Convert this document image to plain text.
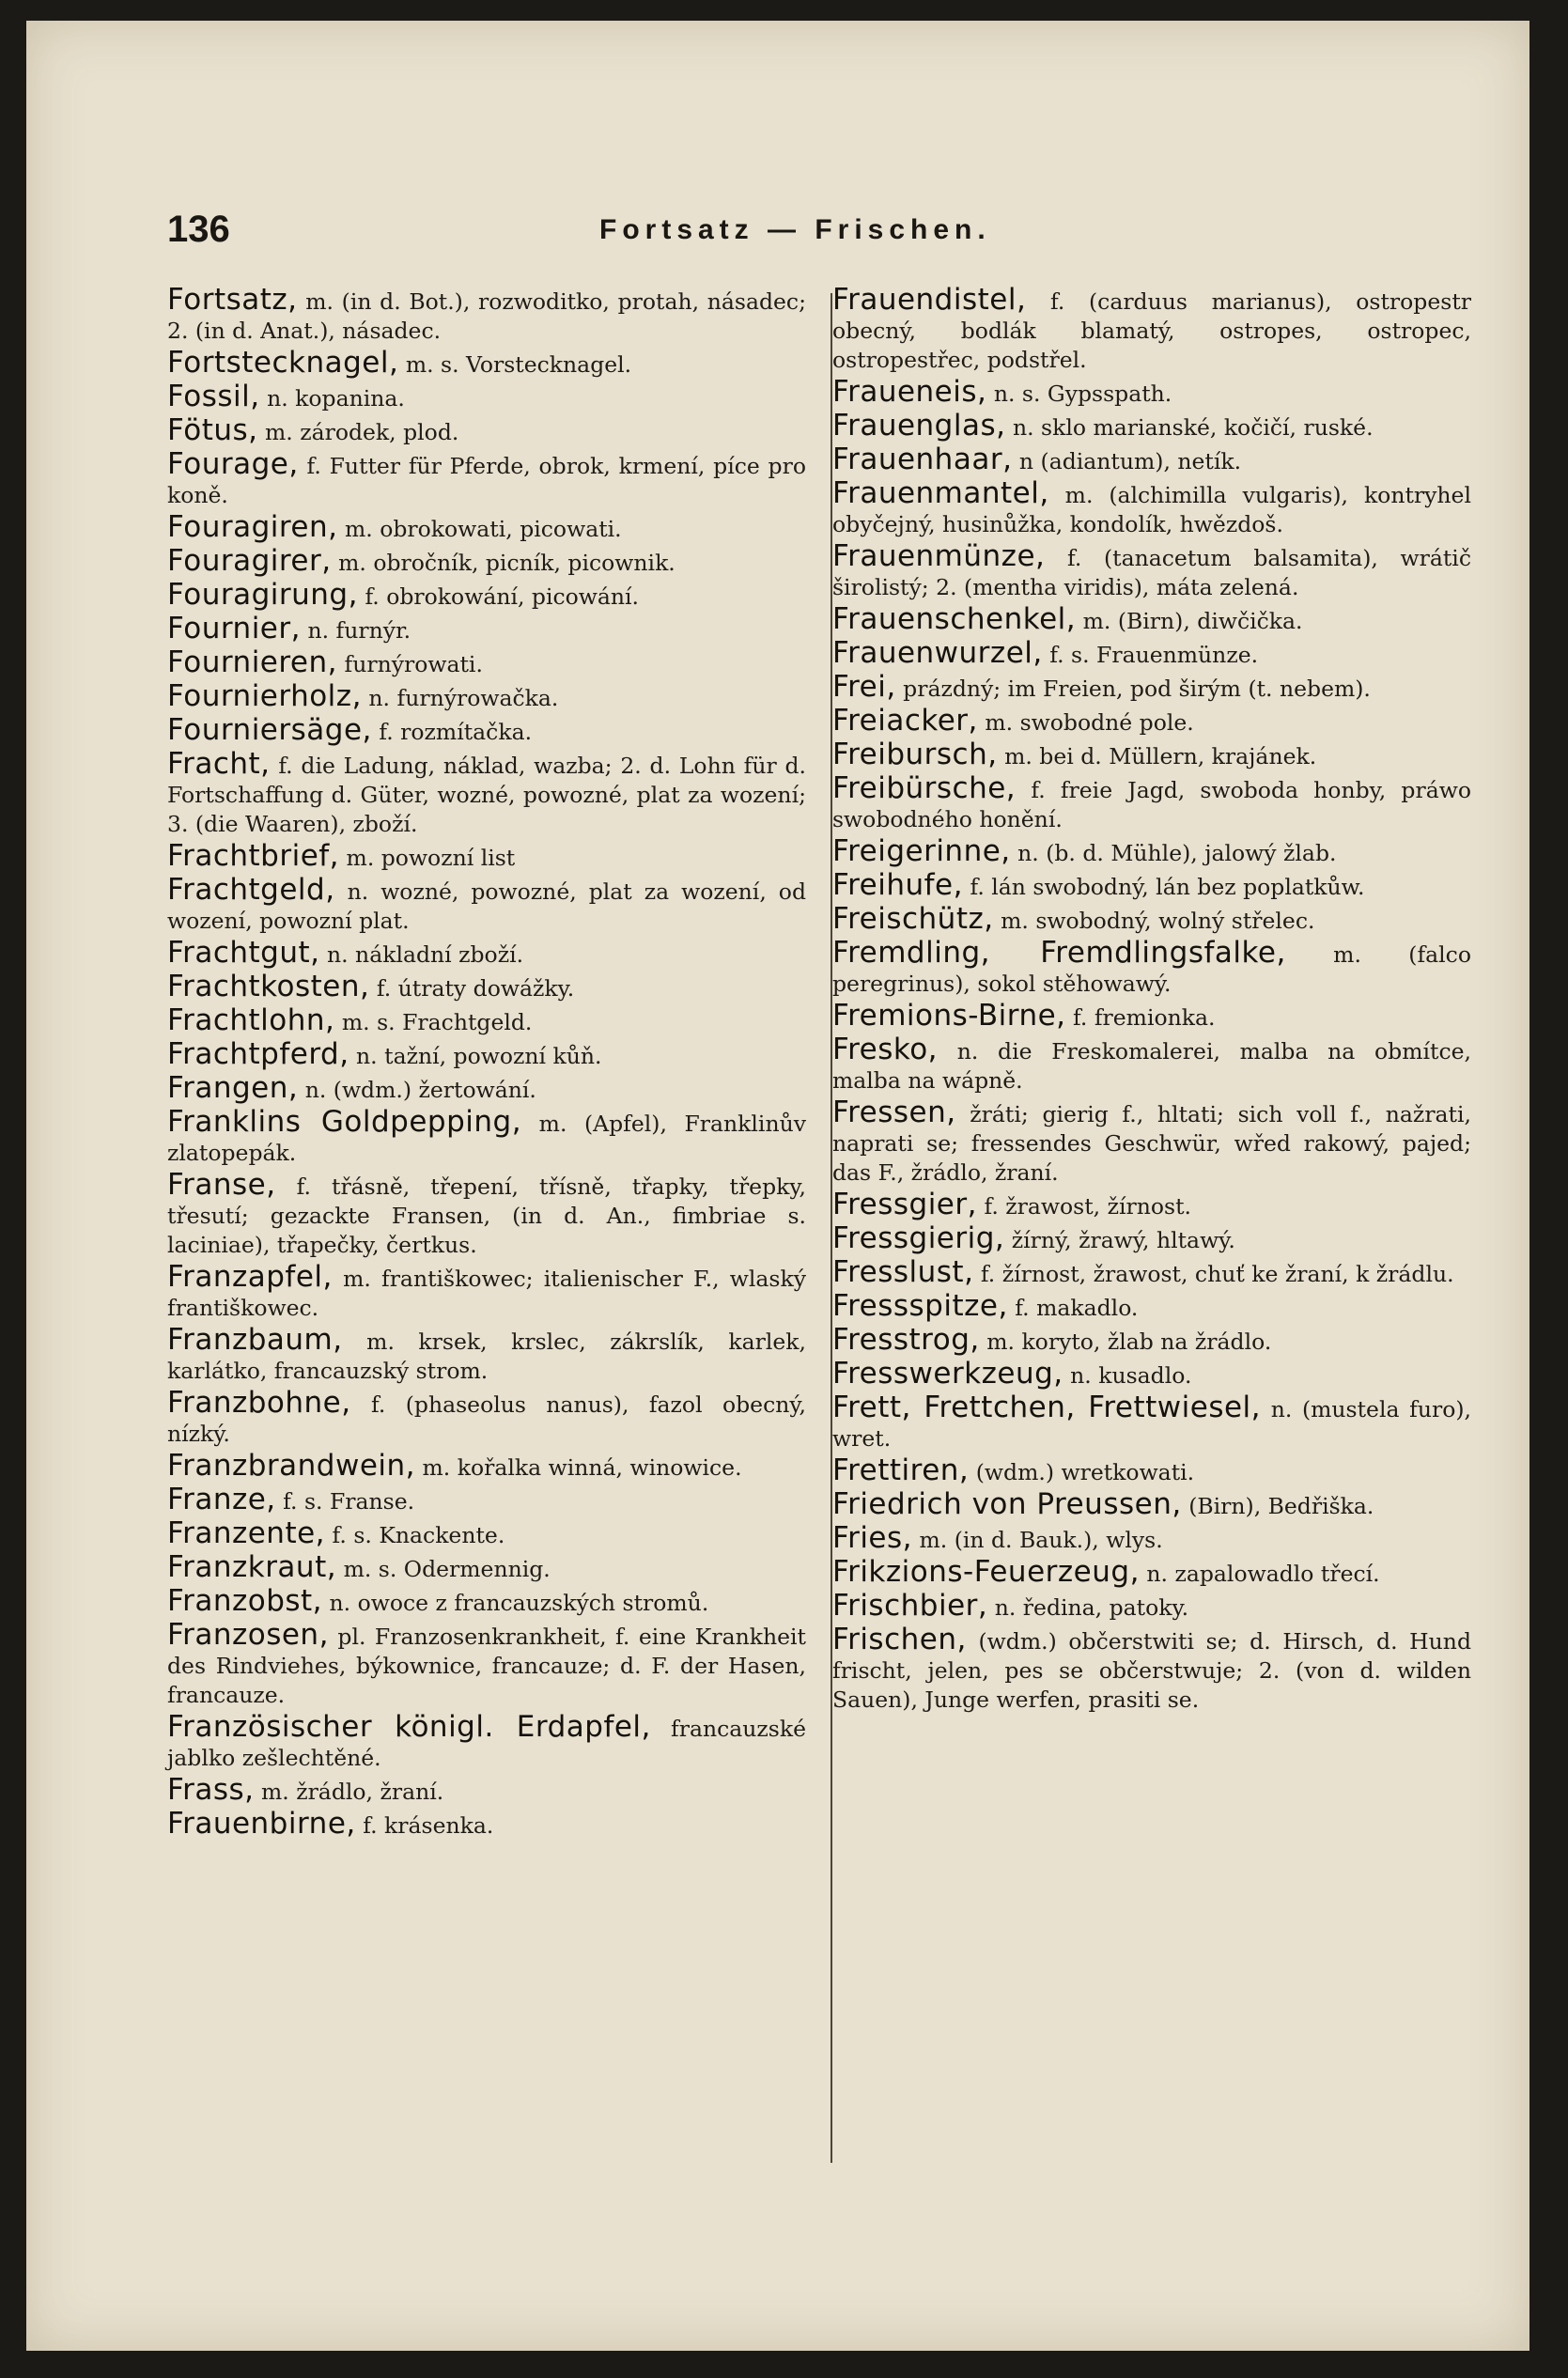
136	Fortsatz — Frischen.
Fortsatz, m. (in d. Bot.), rozwoditko, protah, násadec; 2. (in d. Anat.), násadec.
Fortstecknagel, m. s. Vorstecknagel.
Fossil, n. kopanina.
Fötus, m. zárodek, plod.
Fourage, f. Futter für Pferde, obrok, krmení, píce pro koně.
Fouragiren, m. obrokowati, picowati.
Fouragirer, m. obročník, picník, picownik.
Fouragirung, f. obrokowání, picowání.
Fournier, n. furnýr.
Fournieren, furnýrowati.
Fournierholz, n. furnýrowačka.
Fourniersäge, f. rozmítačka.
Fracht, f. die Ladung, náklad, wazba; 2. d. Lohn für d. Fortschaffung d. Güter, wozné, powozné, plat za wození; 3. (die Waaren), zboží.
Frachtbrief, m. powozní list
Frachtgeld, n. wozné, powozné, plat za wození, od wození, powozní plat.
Frachtgut, n. nákladní zboží.
Frachtkosten, f. útraty dowážky.
Frachtlohn, m. s. Frachtgeld.
Frachtpferd, n. tažní, powozní kůň.
Frangen, n. (wdm.) žertowání.
Franklins Goldpepping, m. (Apfel), Franklinův zlatopepák.
Franse, f. třásně, třepení, třísně, třapky, třepky, třesutí; gezackte Fransen, (in d. An., fimbriae s. laciniae), třapečky, čertkus.
Franzapfel, m. františkowec; italienischer F., wlaský františkowec.
Franzbaum, m. krsek, krslec, zákrslík, karlek, karlátko, francauzský strom.
Franzbohne, f. (phaseolus nanus), fazol obecný, nízký.
Franzbrandwein, m. kořalka winná, winowice.
Franze, f. s. Franse.
Franzente, f. s. Knackente.
Franzkraut, m. s. Odermennig.
Franzobst, n. owoce z francauzských stromů.
Franzosen, pl. Franzosenkrankheit, f. eine Krankheit des Rindviehes, býkownice, francauze; d. F. der Hasen, francauze.
Französischer königl. Erdapfel, francauzské jablko zešlechtěné.
Frass, m. žrádlo, žraní.
Frauenbirne, f. krásenka.
Frauendistel, f. (carduus marianus), ostropestr obecný, bodlák blamatý, ostropes, ostropec, ostropestřec, podstřel.
Fraueneis, n. s. Gypsspath.
Frauenglas, n. sklo marianské, kočičí, ruské.
Frauenhaar, n (adiantum), netík.
Frauenmantel, m. (alchimilla vulgaris), kontryhel obyčejný, husinůžka, kondolík, hwězdoš.
Frauenmünze, f. (tanacetum balsamita), wrátič širolistý; 2. (mentha viridis), máta zelená.
Frauenschenkel, m. (Birn), diwčička.
Frauenwurzel, f. s. Frauenmünze.
Frei, prázdný; im Freien, pod širým (t. nebem).
Freiacker, m. swobodné pole.
Freibursch, m. bei d. Müllern, krajánek.
Freibürsche, f. freie Jagd, swoboda honby, práwo swobodného honění.
Freigerinne, n. (b. d. Mühle), jalowý žlab.
Freihufe, f. lán swobodný, lán bez poplatkůw.
Freischütz, m. swobodný, wolný střelec.
Fremdling, Fremdlingsfalke, m. (falco peregrinus), sokol stěhowawý.
Fremions-Birne, f. fremionka.
Fresko, n. die Freskomalerei, malba na obmítce, malba na wápně.
Fressen, žráti; gierig f., hltati; sich voll f., nažrati, naprati se; fressendes Geschwür, wřed rakowý, pajed; das F., žrádlo, žraní.
Fressgier, f. žrawost, žírnost.
Fressgierig, žírný, žrawý, hltawý.
Fresslust, f. žírnost, žrawost, chuť ke žraní, k žrádlu.
Fressspitze, f. makadlo.
Fresstrog, m. koryto, žlab na žrádlo.
Fresswerkzeug, n. kusadlo.
Frett, Frettchen, Frettwiesel, n. (mustela furo), wret.
Frettiren, (wdm.) wretkowati.
Friedrich von Preussen, (Birn), Bedřiška.
Fries, m. (in d. Bauk.), wlys.
Frikzions-Feuerzeug, n. zapalowadlo třecí.
Frischbier, n. ředina, patoky.
Frischen, (wdm.) občerstwiti se; d. Hirsch, d. Hund frischt, jelen, pes se občerstwuje; 2. (von d. wilden Sauen), Junge werfen, prasiti se.
